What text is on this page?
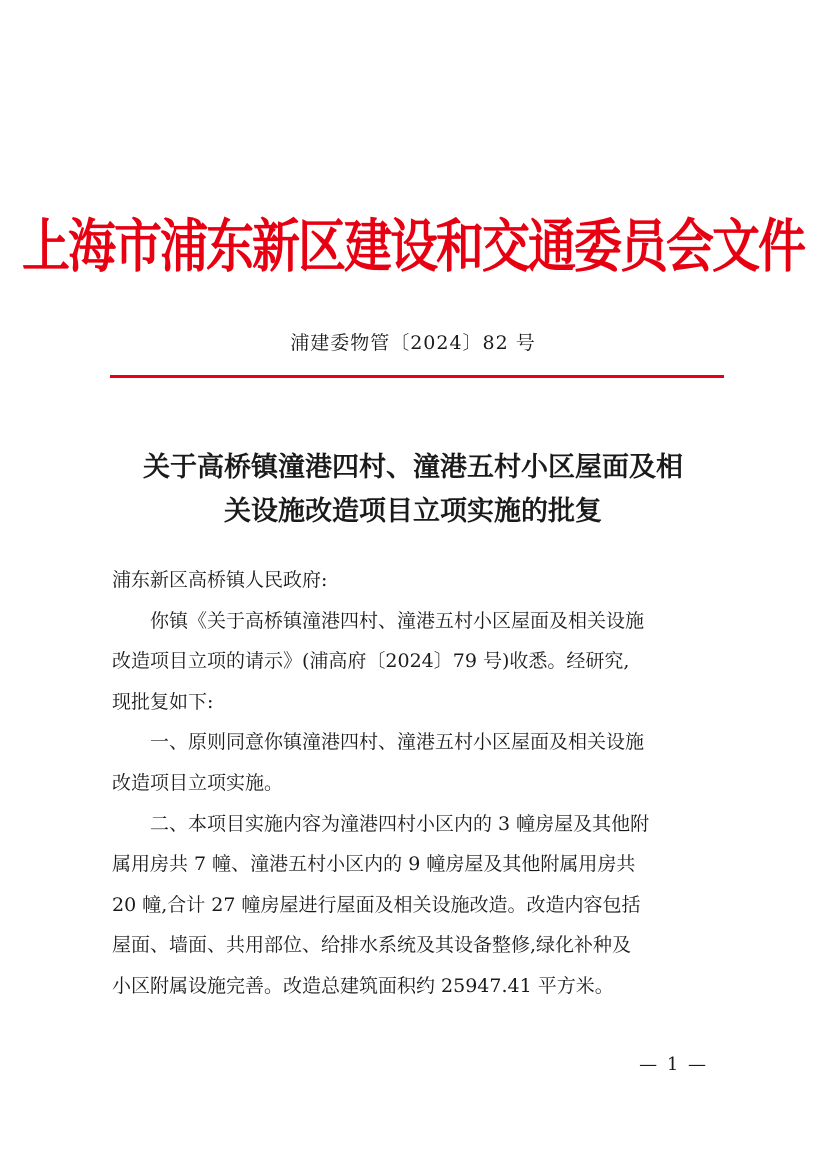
上海市浦东新区建设和交通委员会文件
浦建委物管〔2024〕82 号
关于高桥镇潼港四村、潼港五村小区屋面及相
关设施改造项目立项实施的批复

浦东新区高桥镇人民政府:

你镇《关于高桥镇潼港四村、潼港五村小区屋面及相关设施
改造项目立项的请示》(浦高府〔2024〕79 号)收悉。经研究,
现批复如下:

一、原则同意你镇潼港四村、潼港五村小区屋面及相关设施
改造项目立项实施。

二、本项目实施内容为潼港四村小区内的 3 幢房屋及其他附
属用房共 7 幢、潼港五村小区内的 9 幢房屋及其他附属用房共
20 幢,合计 27 幢房屋进行屋面及相关设施改造。改造内容包括
屋面、墙面、共用部位、给排水系统及其设备整修,绿化补种及
小区附属设施完善。改造总建筑面积约 25947.41 平方米。

— 1 —
